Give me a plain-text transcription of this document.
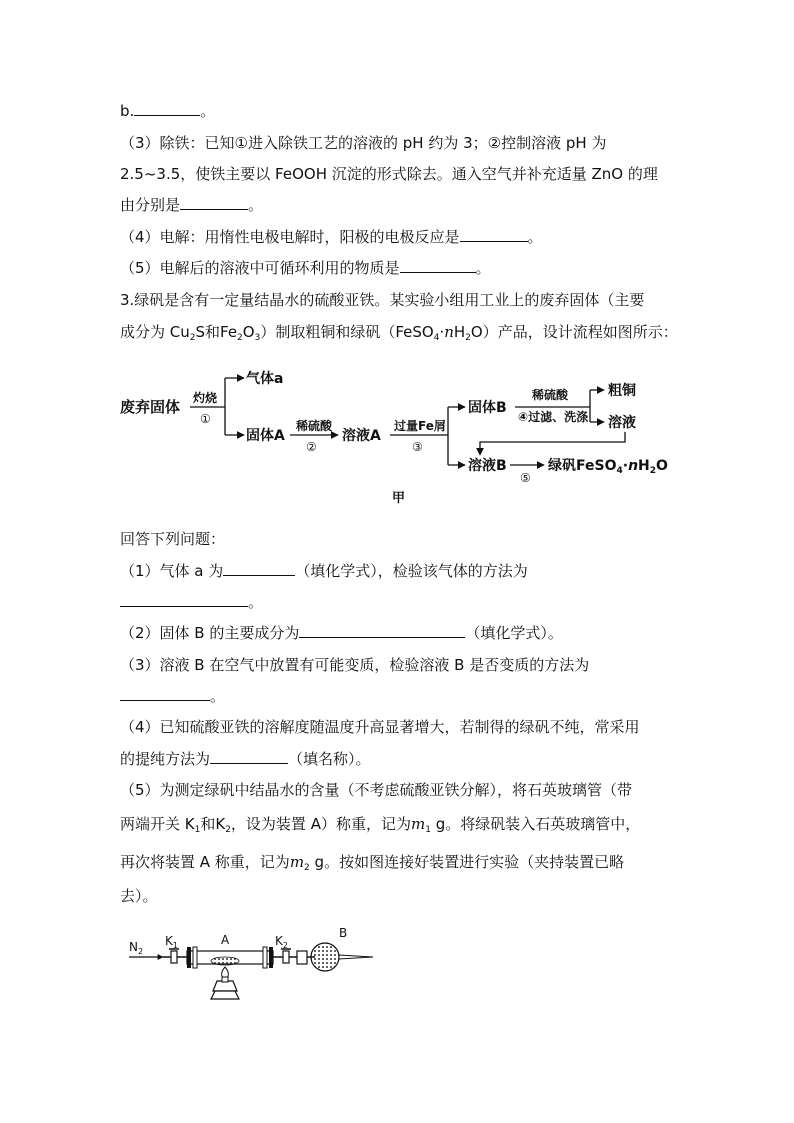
b.	。
（3）除铁：已知①进入除铁工艺的溶液的 pH 约为 3；②控制溶液 pH 为
2.5~3.5，使铁主要以 FeOOH 沉淀的形式除去。通入空气并补充适量 ZnO 的理
由分别是	。
（4）电解：用惰性电极电解时，阳极的电极反应是	。
（5）电解后的溶液中可循环利用的物质是	。
3.绿矾是含有一定量结晶水的硫酸亚铁。某实验小组用工业上的废弃固体（主要
成分为 $Cu_2S$和$Fe_2O_3$）制取粗铜和绿矾$(FeSO_4\cdot nH_2O)$产品，设计流程如图所示：
废弃固体 灼烧
①
气体a
固体A
稀硫酸
②
溶液A
过量Fe屑
③
固体B
稀硫酸
④过滤、洗涤
粗铜
溶液
溶液B
⑤
绿矾$FeSO_4\cdot nH_2O$
甲
回答下列问题：
（1）气体 a 为	（填化学式），检验该气体的方法为
。
（2）固体 B 的主要成分为	（填化学式）。
（3）溶液 B 在空气中放置有可能变质，检验溶液 B 是否变质的方法为
。
（4）已知硫酸亚铁的溶解度随温度升高显著增大，若制得的绿矾不纯，常采用
的提纯方法为	（填名称）。
（5）为测定绿矾中结晶水的含量（不考虑硫酸亚铁分解），将石英玻璃管（带
两端开关 $K_1$和$K_2$，设为装置 A）称重，记为$m_1$ g。将绿矾装入石英玻璃管中，
再次将装置 A 称重，记为$m_2$ g。按如图连接好装置进行实验（夹持装置已略
去）。
$N_2$
$K_1$	A	$K_2$
B
